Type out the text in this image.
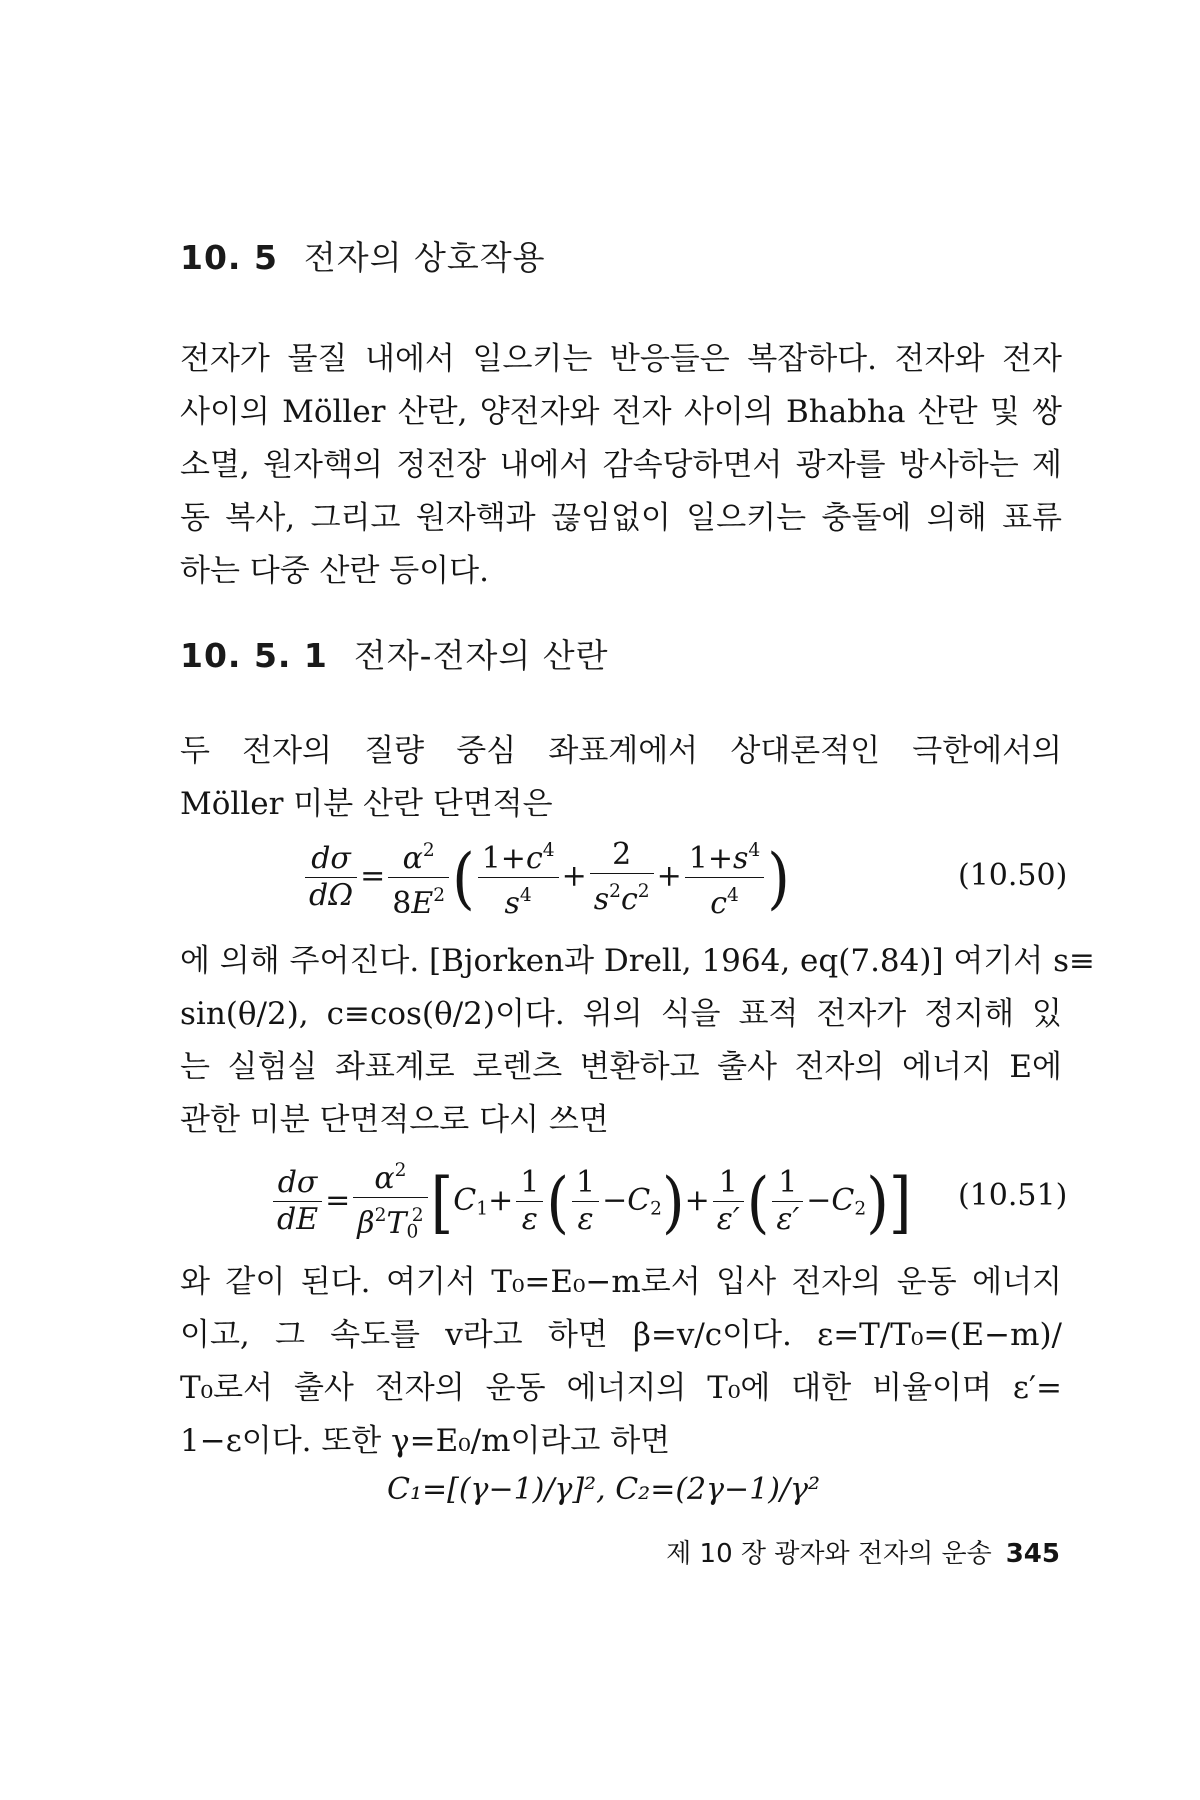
10. 5 전자의 상호작용
전자가 물질 내에서 일으키는 반응들은 복잡하다. 전자와 전자
사이의 Möller 산란, 양전자와 전자 사이의 Bhabha 산란 및 쌍
소멸, 원자핵의 정전장 내에서 감속당하면서 광자를 방사하는 제
동 복사, 그리고 원자핵과 끊임없이 일으키는 충돌에 의해 표류
하는 다중 산란 등이다.
10. 5. 1 전자-전자의 산란
두 전자의 질량 중심 좌표계에서 상대론적인 극한에서의
Möller 미분 산란 단면적은
$\frac{d\sigma}{d\Omega} = \frac{\alpha^2}{8E^2}$ ( $\frac{1+c^4}{s^4} + \frac{2}{s^2c^2} + \frac{1+s^4}{c^4}$ )	(10.50)
에 의해 주어진다. [Bjorken과 Drell, 1964, eq(7.84)] 여기서 s≡
sin(θ/2), c≡cos(θ/2)이다. 위의 식을 표적 전자가 정지해 있
는 실험실 좌표계로 로렌츠 변환하고 출사 전자의 에너지 E에
관한 미분 단면적으로 다시 쓰면
$\frac{d\sigma}{dE} = \frac{\alpha^2}{\beta^2T_0^2} [C_1+ \frac{1}{\varepsilon}$ ( $\frac{1}{\varepsilon} -C_2)+ \frac{1}{\varepsilon'}$ ( $\frac{1}{\varepsilon'} -C_2$)] (10.51)
와 같이 된다. 여기서 T₀=E₀−m로서 입사 전자의 운동 에너지
이고, 그 속도를 v라고 하면 β=v/c이다. ε=T/T₀=(E−m)/
T₀로서 출사 전자의 운동 에너지의 T₀에 대한 비율이며 ε′=
1−ε이다. 또한 γ=E₀/m이라고 하면
C₁=[(γ−1)/γ]², C₂=(2γ−1)/γ²
제 10 장 광자와 전자의 운송 345
